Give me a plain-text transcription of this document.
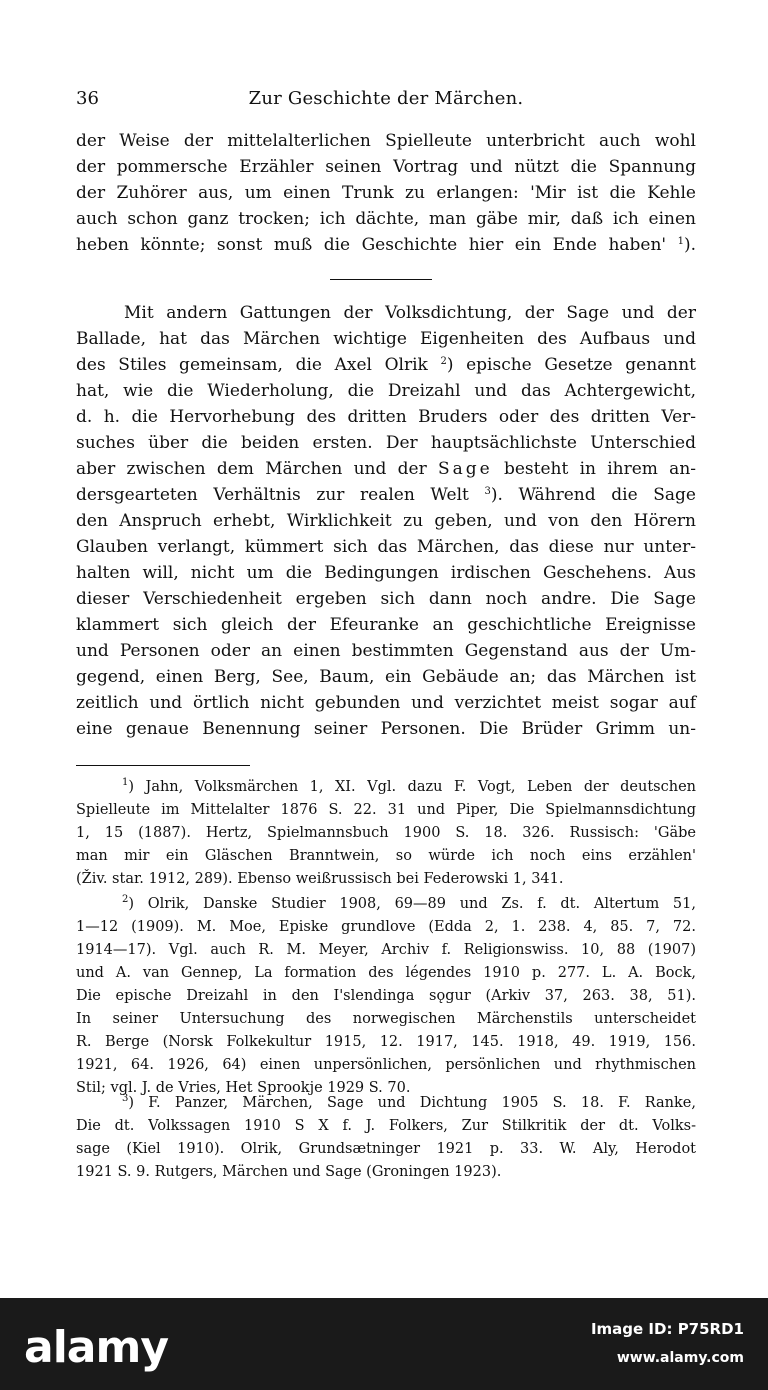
36	Zur Geschichte der Märchen.
der Weise der mittelalterlichen Spielleute unterbricht auch wohl
der pommersche Erzähler seinen Vortrag und nützt die Spannung
der Zuhörer aus, um einen Trunk zu erlangen: 'Mir ist die Kehle
auch schon ganz trocken; ich dächte, man gäbe mir, daß ich einen
heben könnte; sonst muß die Geschichte hier ein Ende haben' $^1$).
Mit andern Gattungen der Volksdichtung, der Sage und der
Ballade, hat das Märchen wichtige Eigenheiten des Aufbaus und
des Stiles gemeinsam, die Axel Olrik $^2$) epische Gesetze genannt
hat, wie die Wiederholung, die Dreizahl und das Achtergewicht,
d. h. die Hervorhebung des dritten Bruders oder des dritten Ver-
suches über die beiden ersten. Der hauptsächlichste Unterschied
aber zwischen dem Märchen und der Sage besteht in ihrem an-
dersgearteten Verhältnis zur realen Welt $^3$). Während die Sage
den Anspruch erhebt, Wirklichkeit zu geben, und von den Hörern
Glauben verlangt, kümmert sich das Märchen, das diese nur unter-
halten will, nicht um die Bedingungen irdischen Geschehens. Aus
dieser Verschiedenheit ergeben sich dann noch andre. Die Sage
klammert sich gleich der Efeuranke an geschichtliche Ereignisse
und Personen oder an einen bestimmten Gegenstand aus der Um-
gegend, einen Berg, See, Baum, ein Gebäude an; das Märchen ist
zeitlich und örtlich nicht gebunden und verzichtet meist sogar auf
eine genaue Benennung seiner Personen. Die Brüder Grimm un-
$^1$) Jahn, Volksmärchen 1, XI. Vgl. dazu F. Vogt, Leben der deutschen
Spielleute im Mittelalter 1876 S. 22. 31 und Piper, Die Spielmannsdichtung
1, 15 (1887). Hertz, Spielmannsbuch 1900 S. 18. 326. Russisch: 'Gäbe
man mir ein Gläschen Branntwein, so würde ich noch eins erzählen'
(Živ. star. 1912, 289). Ebenso weißrussisch bei Federowski 1, 341.
$^2$) Olrik, Danske Studier 1908, 69—89 und Zs. f. dt. Altertum 51,
1—12 (1909). M. Moe, Episke grundlove (Edda 2, 1. 238. 4, 85. 7, 72.
1914—17). Vgl. auch R. M. Meyer, Archiv f. Religionswiss. 10, 88 (1907)
und A. van Gennep, La formation des légendes 1910 p. 277. L. A. Bock,
Die epische Dreizahl in den I'slendinga sǫgur (Arkiv 37, 263. 38, 51).
In seiner Untersuchung des norwegischen Märchenstils unterscheidet
R. Berge (Norsk Folkekultur 1915, 12. 1917, 145. 1918, 49. 1919, 156.
1921, 64. 1926, 64) einen unpersönlichen, persönlichen und rhythmischen
Stil; vgl. J. de Vries, Het Sprookje 1929 S. 70.
$^3$) F. Panzer, Märchen, Sage und Dichtung 1905 S. 18. F. Ranke,
Die dt. Volkssagen 1910 S X f. J. Folkers, Zur Stilkritik der dt. Volks-
sage (Kiel 1910). Olrik, Grundsætninger 1921 p. 33. W. Aly, Herodot
1921 S. 9. Rutgers, Märchen und Sage (Groningen 1923).
alamy	Image ID: P75RD1
www.alamy.com
